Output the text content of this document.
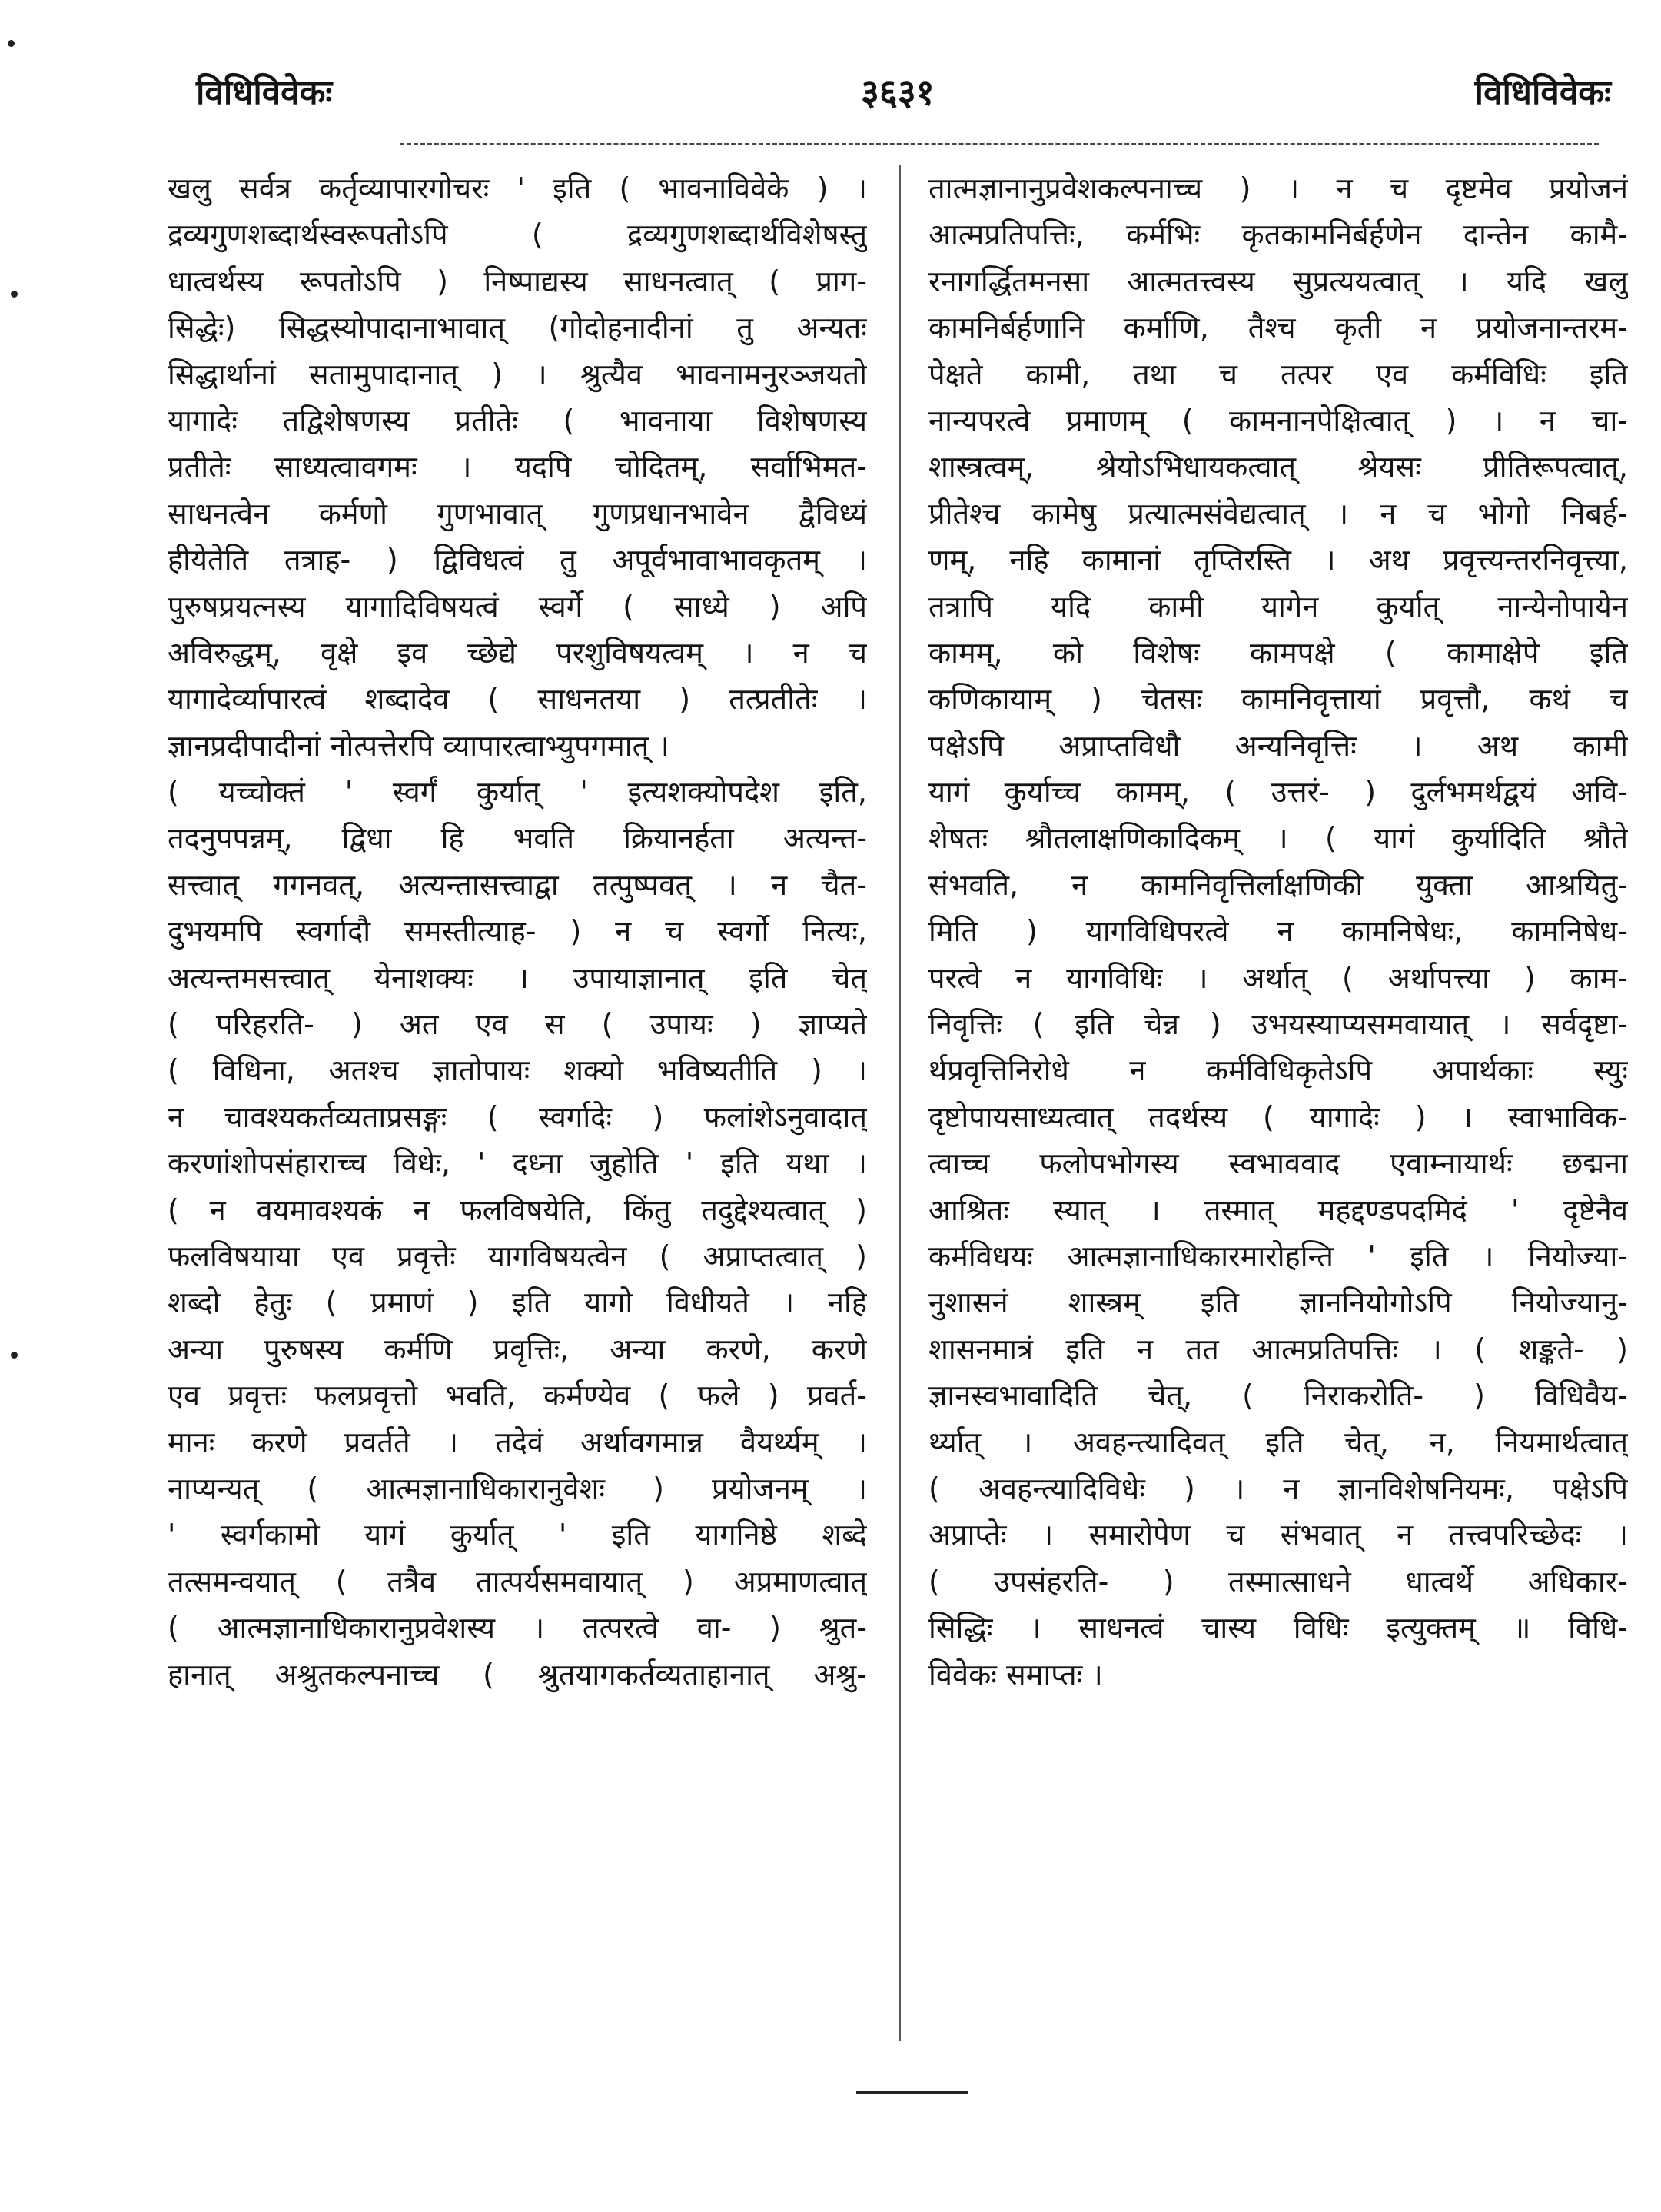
विधिविवेकः	३६३१	विधिविवेकः
खलु सर्वत्र कर्तृव्यापारगोचरः ' इति ( भावनाविवेके ) ।
द्रव्यगुणशब्दार्थस्वरूपतोऽपि ( द्रव्यगुणशब्दार्थविशेषस्तु
धात्वर्थस्य रूपतोऽपि ) निष्पाद्यस्य साधनत्वात् ( प्राग-
सिद्धेः) सिद्धस्योपादानाभावात् (गोदोहनादीनां तु अन्यतः
सिद्धार्थानां सतामुपादानात् ) । श्रुत्यैव भावनामनुरञ्जयतो
यागादेः तद्विशेषणस्य प्रतीतेः ( भावनाया विशेषणस्य
प्रतीतेः साध्यत्वावगमः । यदपि चोदितम्, सर्वाभिमत-
साधनत्वेन कर्मणो गुणभावात् गुणप्रधानभावेन द्वैविध्यं
हीयेतेति तत्राह- ) द्विविधत्वं तु अपूर्वभावाभावकृतम् ।
पुरुषप्रयत्नस्य यागादिविषयत्वं स्वर्गे ( साध्ये ) अपि
अविरुद्धम्, वृक्षे इव च्छेद्ये परशुविषयत्वम् । न च
यागादेर्व्यापारत्वं शब्दादेव ( साधनतया ) तत्प्रतीतेः ।
ज्ञानप्रदीपादीनां नोत्पत्तेरपि व्यापारत्वाभ्युपगमात् ।
( यच्चोक्तं ' स्वर्गं कुर्यात् ' इत्यशक्योपदेश इति,
तदनुपपन्नम्, द्विधा हि भवति क्रियानर्हता अत्यन्त-
सत्त्वात् गगनवत्, अत्यन्तासत्त्वाद्वा तत्पुष्पवत् । न चैत-
दुभयमपि स्वर्गादौ समस्तीत्याह- ) न च स्वर्गो नित्यः,
अत्यन्तमसत्त्वात् येनाशक्यः । उपायाज्ञानात् इति चेत्
( परिहरति- ) अत एव स ( उपायः ) ज्ञाप्यते
( विधिना, अतश्च ज्ञातोपायः शक्यो भविष्यतीति ) ।
न चावश्यकर्तव्यताप्रसङ्गः ( स्वर्गादेः ) फलांशेऽनुवादात्
करणांशोपसंहाराच्च विधेः, ' दध्ना जुहोति ' इति यथा ।
( न वयमावश्यकं न फलविषयेति, किंतु तदुद्देश्यत्वात् )
फलविषयाया एव प्रवृत्तेः यागविषयत्वेन ( अप्राप्तत्वात् )
शब्दो हेतुः ( प्रमाणं ) इति यागो विधीयते । नहि
अन्या पुरुषस्य कर्मणि प्रवृत्तिः, अन्या करणे, करणे
एव प्रवृत्तः फलप्रवृत्तो भवति, कर्मण्येव ( फले ) प्रवर्त-
मानः करणे प्रवर्तते । तदेवं अर्थावगमान्न वैयर्थ्यम् ।
नाप्यन्यत् ( आत्मज्ञानाधिकारानुवेशः ) प्रयोजनम् ।
' स्वर्गकामो यागं कुर्यात् ' इति यागनिष्ठे शब्दे
तत्समन्वयात् ( तत्रैव तात्पर्यसमवायात् ) अप्रमाणत्वात्
( आत्मज्ञानाधिकारानुप्रवेशस्य । तत्परत्वे वा- ) श्रुत-
हानात् अश्रुतकल्पनाच्च ( श्रुतयागकर्तव्यताहानात् अश्रु-
तात्मज्ञानानुप्रवेशकल्पनाच्च ) । न च दृष्टमेव प्रयोजनं
आत्मप्रतिपत्तिः, कर्मभिः कृतकामनिर्बर्हणेन दान्तेन कामै-
रनागर्द्धितमनसा आत्मतत्त्वस्य सुप्रत्ययत्वात् । यदि खलु
कामनिर्बर्हणानि कर्माणि, तैश्च कृती न प्रयोजनान्तरम-
पेक्षते कामी, तथा च तत्पर एव कर्मविधिः इति
नान्यपरत्वे प्रमाणम् ( कामनानपेक्षित्वात् ) । न चा-
शास्त्रत्वम्, श्रेयोऽभिधायकत्वात् श्रेयसः प्रीतिरूपत्वात्,
प्रीतेश्च कामेषु प्रत्यात्मसंवेद्यत्वात् । न च भोगो निबर्ह-
णम्, नहि कामानां तृप्तिरस्ति । अथ प्रवृत्त्यन्तरनिवृत्त्या,
तत्रापि यदि कामी यागेन कुर्यात् नान्येनोपायेन
कामम्, को विशेषः कामपक्षे ( कामाक्षेपे इति
कणिकायाम् ) चेतसः कामनिवृत्तायां प्रवृत्तौ, कथं च
पक्षेऽपि अप्राप्तविधौ अन्यनिवृत्तिः । अथ कामी
यागं कुर्याच्च कामम्, ( उत्तरं- ) दुर्लभमर्थद्वयं अवि-
शेषतः श्रौतलाक्षणिकादिकम् । ( यागं कुर्यादिति श्रौते
संभवति, न कामनिवृत्तिर्लाक्षणिकी युक्ता आश्रयितु-
मिति ) यागविधिपरत्वे न कामनिषेधः, कामनिषेध-
परत्वे न यागविधिः । अर्थात् ( अर्थापत्त्या ) काम-
निवृत्तिः ( इति चेन्न ) उभयस्याप्यसमवायात् । सर्वदृष्टा-
र्थप्रवृत्तिनिरोधे न कर्मविधिकृतेऽपि अपार्थकाः स्युः
दृष्टोपायसाध्यत्वात् तदर्थस्य ( यागादेः ) । स्वाभाविक-
त्वाच्च फलोपभोगस्य स्वभाववाद एवाम्नायार्थः छद्मना
आश्रितः स्यात् । तस्मात् महद्दण्डपदमिदं ' दृष्टेनैव
कर्मविधयः आत्मज्ञानाधिकारमारोहन्ति ' इति । नियोज्या-
नुशासनं शास्त्रम् इति ज्ञाननियोगोऽपि नियोज्यानु-
शासनमात्रं इति न तत आत्मप्रतिपत्तिः । ( शङ्कते- )
ज्ञानस्वभावादिति चेत्, ( निराकरोति- ) विधिवैय-
र्थ्यात् । अवहन्त्यादिवत् इति चेत्, न, नियमार्थत्वात्
( अवहन्त्यादिविधेः ) । न ज्ञानविशेषनियमः, पक्षेऽपि
अप्राप्तेः । समारोपेण च संभवात् न तत्त्वपरिच्छेदः ।
( उपसंहरति- ) तस्मात्साधने धात्वर्थे अधिकार-
सिद्धिः । साधनत्वं चास्य विधिः इत्युक्तम् ॥ विधि-
विवेकः समाप्तः ।
